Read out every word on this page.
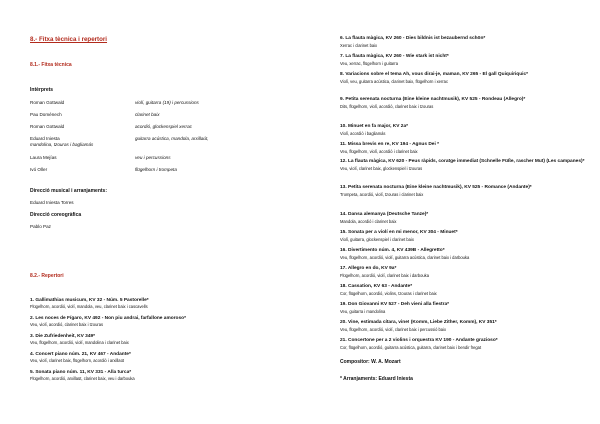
8.- Fitxa tècnica i repertori
8.1.- Fitxa tècnica
Intèrprets
Roman Gottwald	violí, guitarra (19) i percussions
Pau Doménech	clarinet baix
Roman Gottwald	acordió, glockenspiel xerrac
Eduard Iniesta	guitarra acústica, mandola, arxillaút,
mandolina, tzouras i bagliamás
Laura Mejías	veu i percussions
Ivó Oller	flügelhorn i trompeta
Direcció musical i arranjaments:
Eduard Iniesta Torres
Direcció coreogràfica
Pablo Paz
8.2.- Repertori
1. Gallimathias musicum, KV 32 - Núm. 5 Pastorelle*
Flügelhorn, acordió, violí, mandola, veu, clarinet baix i cascavells
2. Les noces de Fígaro, KV 492 - Non piu andrai, farfallone amoroso*
Veu, violí, acordió, clarinet baix i tzouras
3. Die Zufriedenheit, KV 349*
Veu, flügelhorn, acordió, violí, mandolina i clarinet baix
4. Concert piano núm. 21, KV 467 - Andante*
Veu, violí, clarinet baix, flügelhorn, acordió i arxillaüt
5. Sonata piano núm. 11, KV 331 - Alla turca*
Flügelhorn, acordió, arxillaüt, clarinet baix, veu i darbouka
6. La flauta màgica, KV 260 - Dies bildnis ist bezaubernd schön*
Xerrac i clarinet baix
7. La flauta màgica, KV 260 - Wie stark ist nicht*
Veu, xerrac, flügelhorn i guitarra
8. Variacions sobre el tema Ah, vous dirai-je, maman, KV 265 - El gall Quiquiriquic*
Violí, veu, guitarra acústica, clarinet baix, flügelhorn i xerrac
9. Petita serenata nocturna (Eine kleine nachtmusik), KV 525 - Rondeau (Allegro)*
Dits, flügelhorn, violí, acordió, clarinet baix i tzouras
10. Minuet en fa major, KV 2a*
Violí, acordió i bagliamás
11. Missa brevis en re, KV 194 - Agnus Dei *
Veu, flügelhorn, violí, acordió i clarinet baix
12. La flauta màgica, KV 620 - Peus ràpids, coratge immediat (Schnelle Füße, rascher Mut) (Les campanes)*
Veu, violí, clarinet baix, glockenspiel i tzouras
13. Petita serenata nocturna (Eine kleine nachtmusik), KV 525 - Romance (Andante)*
Trompeta, acordió, violí, tzouras i clarinet baix
14. Dansa alemanya (Deutsche Tanze)*
Mandola, acordió i clarinet baix
15. Sonata per a violí en mi menor, KV 304 - Minuet*
Violí, guitarra, glockenspiel i clarinet baix
16. Divertimento núm. 4, KV 439B - Allegretto*
Veu, flügelhorn, acordió, violí, guitarra acústica, clarinet baix i darbouka
17. Allegro en do, KV 9a*
Flügelhorn, acordió, violí, clarinet baix i darbouka
18. Cassation, KV 63 - Andante*
Cor, flügelhorn, acordió, violins, tzouras i clarinet baix
19. Don Giovanni KV 527 - Deh vieni alla fiestra*
Veu, guitarra i mandolina
20. Vine, estimada cítara, vine! (Komm, Liebe Zither, Komm), KV 351*
Veu, flügelhorn, acordió, violí, clarinet baix i percussió baix
21. Concertone per a 2 violins i orquestra KV 190 - Andante grazioso*
Cor, flügelhorn, acordió, guitarra acústica, guitarra, clarinet baix i bendir fregat
Compositor: W. A. Mozart
* Arranjaments: Eduard Iniesta
